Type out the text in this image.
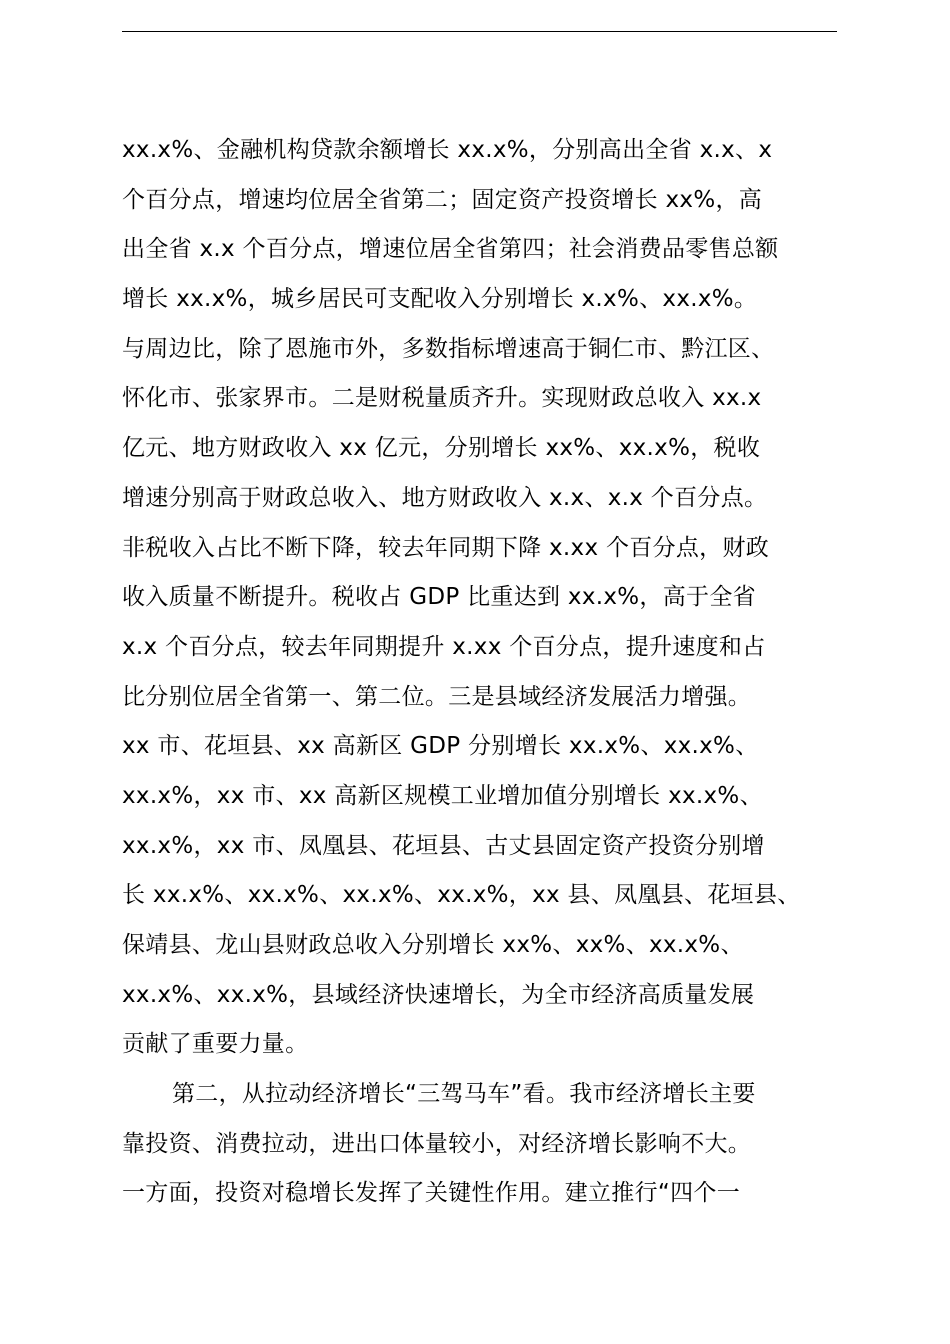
xx.x%、金融机构贷款余额增长 xx.x%，分别高出全省 x.x、x
个百分点，增速均位居全省第二；固定资产投资增长 xx%，高
出全省 x.x 个百分点，增速位居全省第四；社会消费品零售总额
增长 xx.x%，城乡居民可支配收入分别增长 x.x%、xx.x%。
与周边比，除了恩施市外，多数指标增速高于铜仁市、黔江区、
怀化市、张家界市。二是财税量质齐升。实现财政总收入 xx.x
亿元、地方财政收入 xx 亿元，分别增长 xx%、xx.x%，税收
增速分别高于财政总收入、地方财政收入 x.x、x.x 个百分点。
非税收入占比不断下降，较去年同期下降 x.xx 个百分点，财政
收入质量不断提升。税收占 GDP 比重达到 xx.x%，高于全省
x.x 个百分点，较去年同期提升 x.xx 个百分点，提升速度和占
比分别位居全省第一、第二位。三是县域经济发展活力增强。
xx 市、花垣县、xx 高新区 GDP 分别增长 xx.x%、xx.x%、
xx.x%，xx 市、xx 高新区规模工业增加值分别增长 xx.x%、
xx.x%，xx 市、凤凰县、花垣县、古丈县固定资产投资分别增
长 xx.x%、xx.x%、xx.x%、xx.x%，xx 县、凤凰县、花垣县、
保靖县、龙山县财政总收入分别增长 xx%、xx%、xx.x%、
xx.x%、xx.x%，县域经济快速增长，为全市经济高质量发展
贡献了重要力量。
第二，从拉动经济增长“三驾马车”看。我市经济增长主要
靠投资、消费拉动，进出口体量较小，对经济增长影响不大。
一方面，投资对稳增长发挥了关键性作用。建立推行“四个一
